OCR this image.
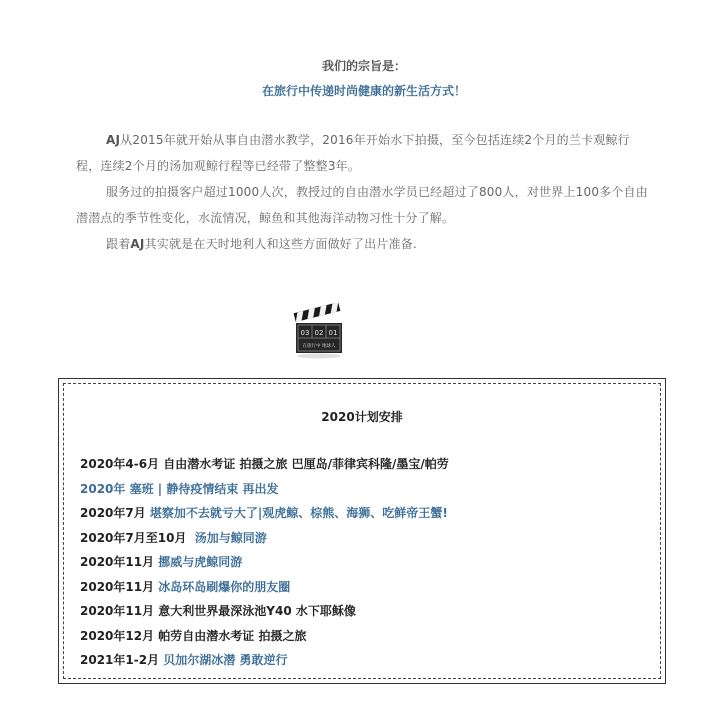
我们的宗旨是：
在旅行中传递时尚健康的新生活方式！

AJ从2015年就开始从事自由潜水教学，2016年开始水下拍摄，至今包括连续2个月的兰卡观鲸行程，连续2个月的汤加观鲸行程等已经带了整整3年。

服务过的拍摄客户超过1000人次，教授过的自由潜水学员已经超过了800人，对世界上100多个自由潜潜点的季节性变化，水流情况，鲸鱼和其他海洋动物习性十分了解。

跟着AJ其实就是在天时地利人和这些方面做好了出片准备.

03 02 01
在旅行中 地球人
2020计划安排
2020年4-6月 自由潜水考证 拍摄之旅 巴厘岛/菲律宾科隆/墨宝/帕劳
2020年 塞班 | 静待疫情结束 再出发
2020年7月 堪察加不去就亏大了|观虎鲸、棕熊、海狮、吃鲜帝王蟹!
2020年7月至10月  汤加与鲸同游
2020年11月 挪威与虎鲸同游
2020年11月 冰岛环岛刷爆你的朋友圈
2020年11月 意大利世界最深泳池Y40 水下耶稣像
2020年12月 帕劳自由潜水考证 拍摄之旅
2021年1-2月 贝加尔湖冰潜 勇敢逆行
